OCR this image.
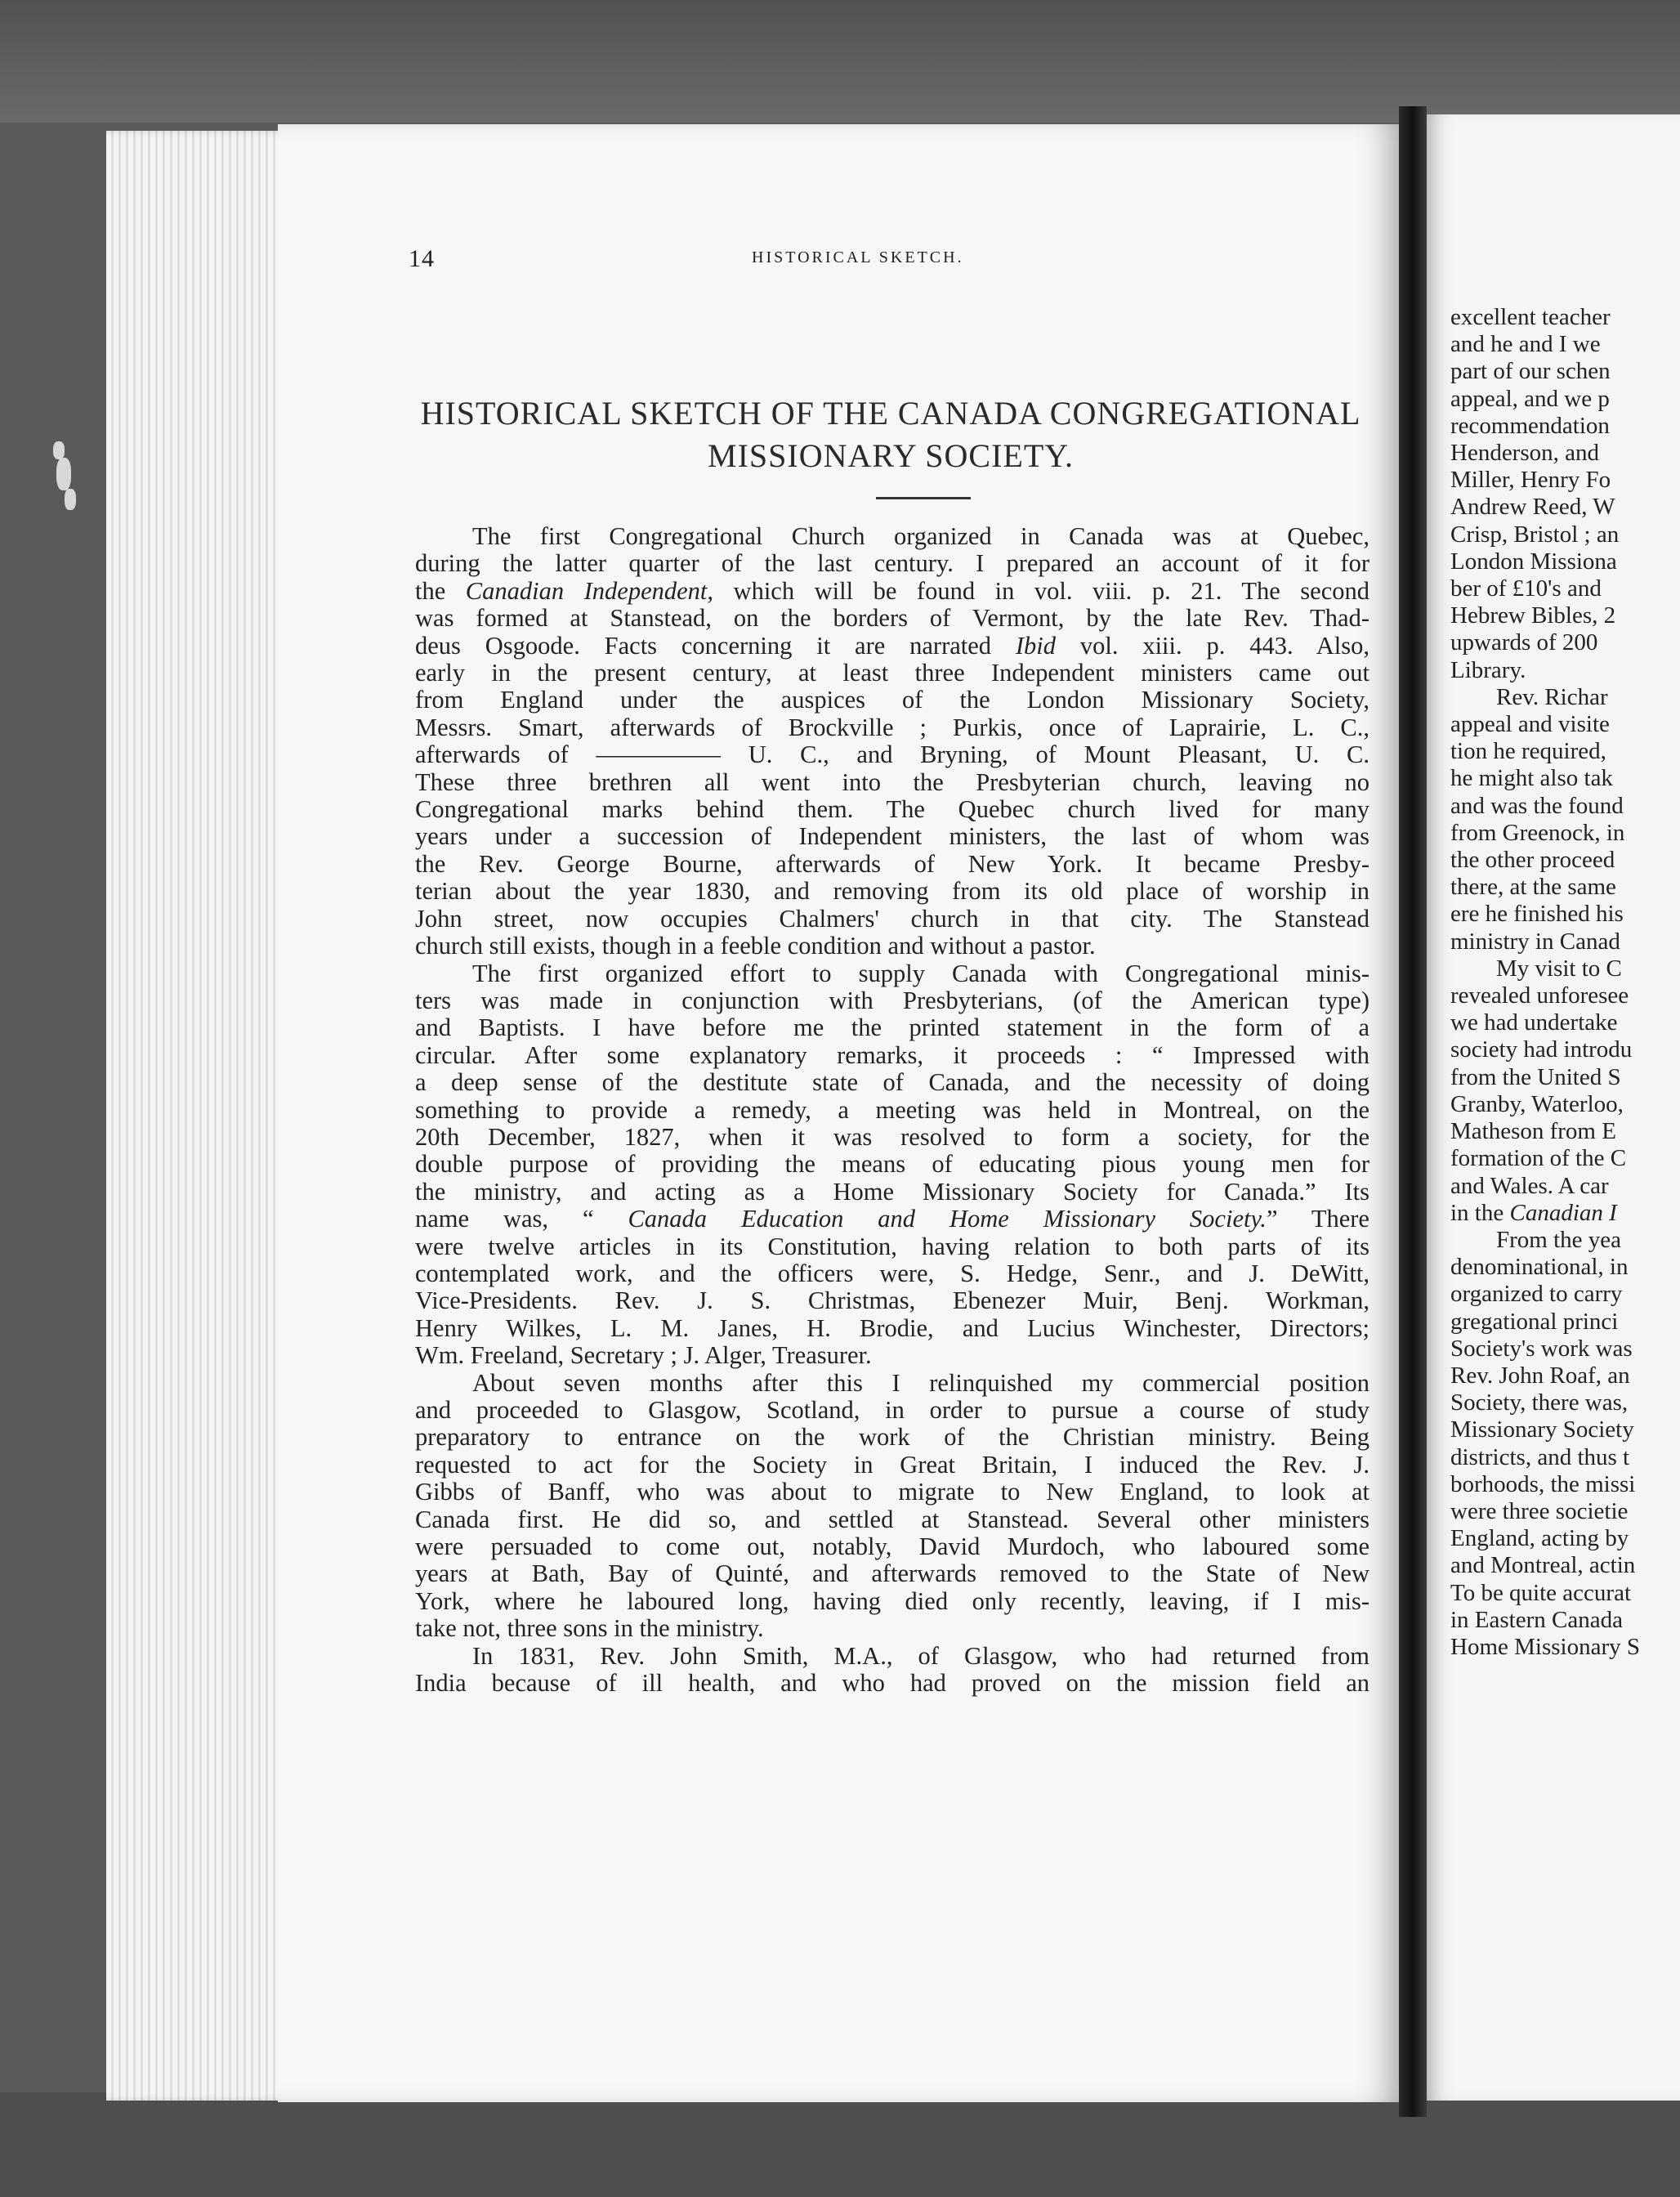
14	HISTORICAL SKETCH.
HISTORICAL SKETCH OF THE CANADA CONGREGATIONAL
MISSIONARY SOCIETY.
The first Congregational Church organized in Canada was at Quebec,
during the latter quarter of the last century. I prepared an account of it for
the Canadian Independent, which will be found in vol. viii. p. 21. The second
was formed at Stanstead, on the borders of Vermont, by the late Rev. Thad-
deus Osgoode. Facts concerning it are narrated Ibid vol. xiii. p. 443. Also,
early in the present century, at least three Independent ministers came out
from England under the auspices of the London Missionary Society,
Messrs. Smart, afterwards of Brockville ; Purkis, once of Laprairie, L. C.,
afterwards of ————— U. C., and Bryning, of Mount Pleasant, U. C.
These three brethren all went into the Presbyterian church, leaving no
Congregational marks behind them. The Quebec church lived for many
years under a succession of Independent ministers, the last of whom was
the Rev. George Bourne, afterwards of New York. It became Presby-
terian about the year 1830, and removing from its old place of worship in
John street, now occupies Chalmers' church in that city. The Stanstead
church still exists, though in a feeble condition and without a pastor.
The first organized effort to supply Canada with Congregational minis-
ters was made in conjunction with Presbyterians, (of the American type)
and Baptists. I have before me the printed statement in the form of a
circular. After some explanatory remarks, it proceeds : “ Impressed with
a deep sense of the destitute state of Canada, and the necessity of doing
something to provide a remedy, a meeting was held in Montreal, on the
20th December, 1827, when it was resolved to form a society, for the
double purpose of providing the means of educating pious young men for
the ministry, and acting as a Home Missionary Society for Canada.” Its
name was, “ Canada Education and Home Missionary Society.” There
were twelve articles in its Constitution, having relation to both parts of its
contemplated work, and the officers were, S. Hedge, Senr., and J. DeWitt,
Vice-Presidents. Rev. J. S. Christmas, Ebenezer Muir, Benj. Workman,
Henry Wilkes, L. M. Janes, H. Brodie, and Lucius Winchester, Directors;
Wm. Freeland, Secretary ; J. Alger, Treasurer.
About seven months after this I relinquished my commercial position
and proceeded to Glasgow, Scotland, in order to pursue a course of study
preparatory to entrance on the work of the Christian ministry. Being
requested to act for the Society in Great Britain, I induced the Rev. J.
Gibbs of Banff, who was about to migrate to New England, to look at
Canada first. He did so, and settled at Stanstead. Several other ministers
were persuaded to come out, notably, David Murdoch, who laboured some
years at Bath, Bay of Quinté, and afterwards removed to the State of New
York, where he laboured long, having died only recently, leaving, if I mis-
take not, three sons in the ministry.
In 1831, Rev. John Smith, M.A., of Glasgow, who had returned from
India because of ill health, and who had proved on the mission field an
excellent teacher
and he and I we
part of our schen
appeal, and we p
recommendation
Henderson, and
Miller, Henry Fo
Andrew Reed, W
Crisp, Bristol ; an
London Missiona
ber of £10's and
Hebrew Bibles, 2
upwards of 200
Library.
Rev. Richar
appeal and visite
tion he required,
he might also tak
and was the found
from Greenock, in
the other proceed
there, at the same
ere he finished his
ministry in Canad
My visit to C
revealed unforesee
we had undertake
society had introdu
from the United S
Granby, Waterloo,
Matheson from E
formation of the C
and Wales. A car
in the Canadian I
From the yea
denominational, in
organized to carry
gregational princi
Society's work was
Rev. John Roaf, an
Society, there was,
Missionary Society
districts, and thus t
borhoods, the missi
were three societie
England, acting by
and Montreal, actin
To be quite accurat
in Eastern Canada
Home Missionary S
